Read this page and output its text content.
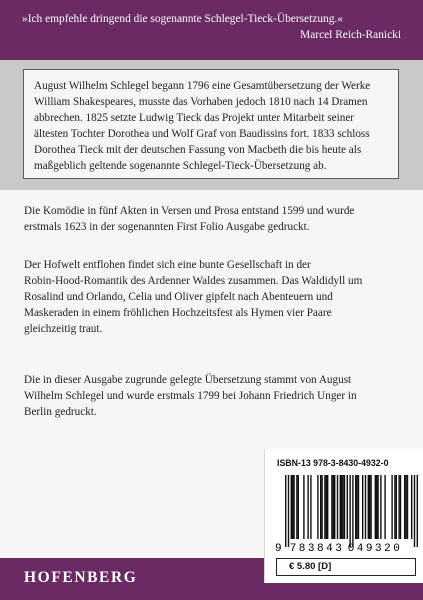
»Ich empfehle dringend die sogenannte Schlegel-Tieck-Übersetzung.«
Marcel Reich-Ranicki
August Wilhelm Schlegel begann 1796 eine Gesamtübersetzung der Werke
William Shakespeares, musste das Vorhaben jedoch 1810 nach 14 Dramen
abbrechen. 1825 setzte Ludwig Tieck das Projekt unter Mitarbeit seiner
ältesten Tochter Dorothea und Wolf Graf von Baudissins fort. 1833 schloss
Dorothea Tieck mit der deutschen Fassung von Macbeth die bis heute als
maßgeblich geltende sogenannte Schlegel-Tieck-Übersetzung ab.
Die Komödie in fünf Akten in Versen und Prosa entstand 1599 und wurde
erstmals 1623 in der sogenannten First Folio Ausgabe gedruckt.
Der Hofwelt entflohen findet sich eine bunte Gesellschaft in der
Robin-Hood-Romantik des Ardenner Waldes zusammen. Das Waldidyll um
Rosalind und Orlando, Celia und Oliver gipfelt nach Abenteuern und
Maskeraden in einem fröhlichen Hochzeitsfest als Hymen vier Paare
gleichzeitig traut.
Die in dieser Ausgabe zugrunde gelegte Übersetzung stammt von August
Wilhelm Schlegel und wurde erstmals 1799 bei Johann Friedrich Unger in
Berlin gedruckt.
HOFENBERG
ISBN-13 978-3-8430-4932-0
9 783843 049320
€ 5.80 [D]
